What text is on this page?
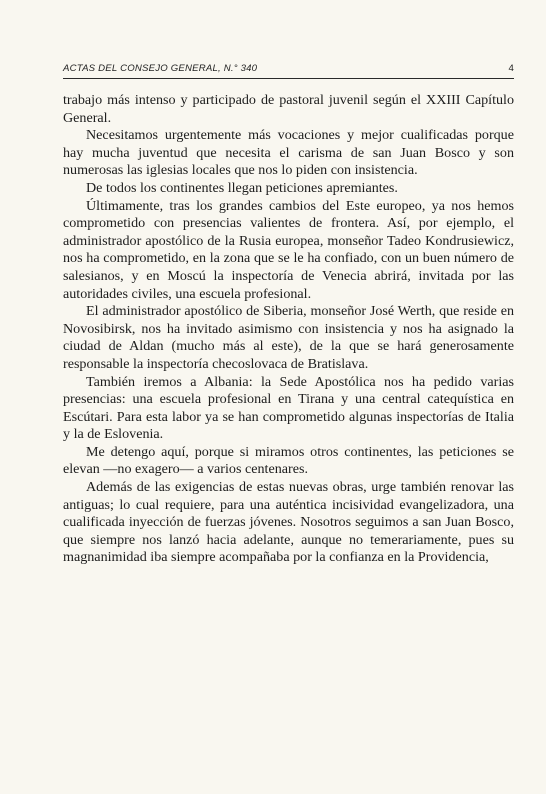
ACTAS DEL CONSEJO GENERAL, N.° 340	4

trabajo más intenso y participado de pastoral juvenil según el XXIII Capítulo General.

Necesitamos urgentemente más vocaciones y mejor cualificadas porque hay mucha juventud que necesita el carisma de san Juan Bosco y son numerosas las iglesias locales que nos lo piden con insistencia.

De todos los continentes llegan peticiones apremiantes.

Últimamente, tras los grandes cambios del Este europeo, ya nos hemos comprometido con presencias valientes de frontera. Así, por ejemplo, el administrador apostólico de la Rusia europea, monseñor Tadeo Kondrusiewicz, nos ha comprometido, en la zona que se le ha confiado, con un buen número de salesianos, y en Moscú la inspectoría de Venecia abrirá, invitada por las autoridades civiles, una escuela profesional.

El administrador apostólico de Siberia, monseñor José Werth, que reside en Novosibirsk, nos ha invitado asimismo con insistencia y nos ha asignado la ciudad de Aldan (mucho más al este), de la que se hará generosamente responsable la inspectoría checoslovaca de Bratislava.

También iremos a Albania: la Sede Apostólica nos ha pedido varias presencias: una escuela profesional en Tirana y una central catequística en Escútari. Para esta labor ya se han comprometido algunas inspectorías de Italia y la de Eslovenia.

Me detengo aquí, porque si miramos otros continentes, las peticiones se elevan —no exagero— a varios centenares.

Además de las exigencias de estas nuevas obras, urge también renovar las antiguas; lo cual requiere, para una auténtica incisividad evangelizadora, una cualificada inyección de fuerzas jóvenes. Nosotros seguimos a san Juan Bosco, que siempre nos lanzó hacia adelante, aunque no temerariamente, pues su magnanimidad iba siempre acompañaba por la confianza en la Providencia,
